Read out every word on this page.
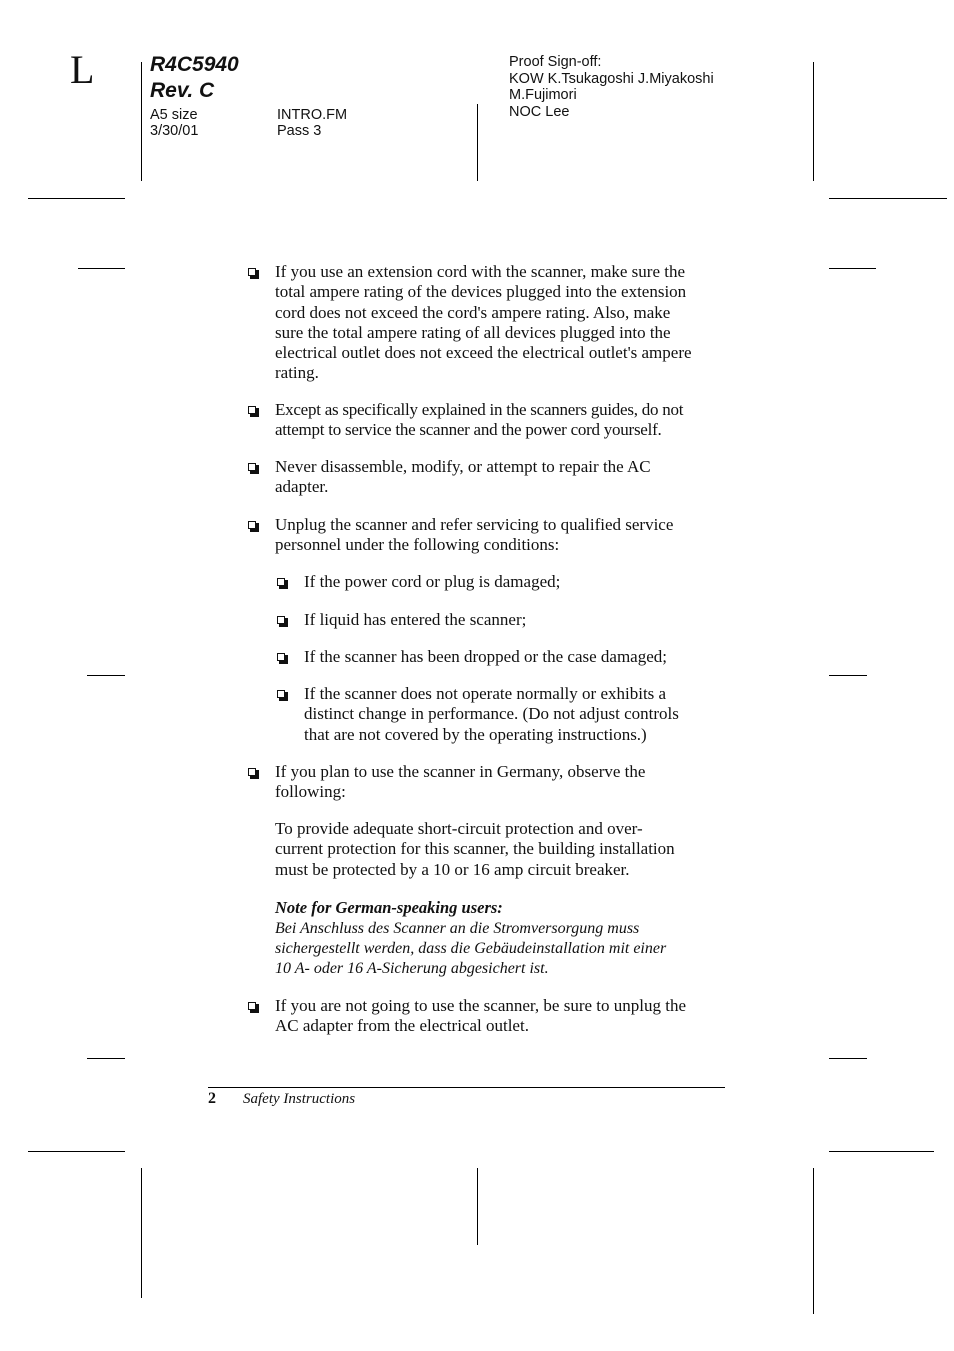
L	R4C5940
Rev. C
A5 size
3/30/01
INTRO.FM
Pass 3
Proof Sign-off:
KOW K.Tsukagoshi J.Miyakoshi
M.Fujimori
NOC Lee
If you use an extension cord with the scanner, make sure the
total ampere rating of the devices plugged into the extension
cord does not exceed the cord's ampere rating. Also, make
sure the total ampere rating of all devices plugged into the
electrical outlet does not exceed the electrical outlet's ampere
rating.
Except as specifically explained in the scanners guides, do not
attempt to service the scanner and the power cord yourself.
Never disassemble, modify, or attempt to repair the AC
adapter.
Unplug the scanner and refer servicing to qualified service
personnel under the following conditions:
If the power cord or plug is damaged;
If liquid has entered the scanner;
If the scanner has been dropped or the case damaged;
If the scanner does not operate normally or exhibits a
distinct change in performance. (Do not adjust controls
that are not covered by the operating instructions.)
If you plan to use the scanner in Germany, observe the
following:
To provide adequate short-circuit protection and over-
current protection for this scanner, the building installation
must be protected by a 10 or 16 amp circuit breaker.
Note for German-speaking users:
Bei Anschluss des Scanner an die Stromversorgung muss
sichergestellt werden, dass die Gebäudeinstallation mit einer
10 A- oder 16 A-Sicherung abgesichert ist.
If you are not going to use the scanner, be sure to unplug the
AC adapter from the electrical outlet.
2 Safety Instructions
